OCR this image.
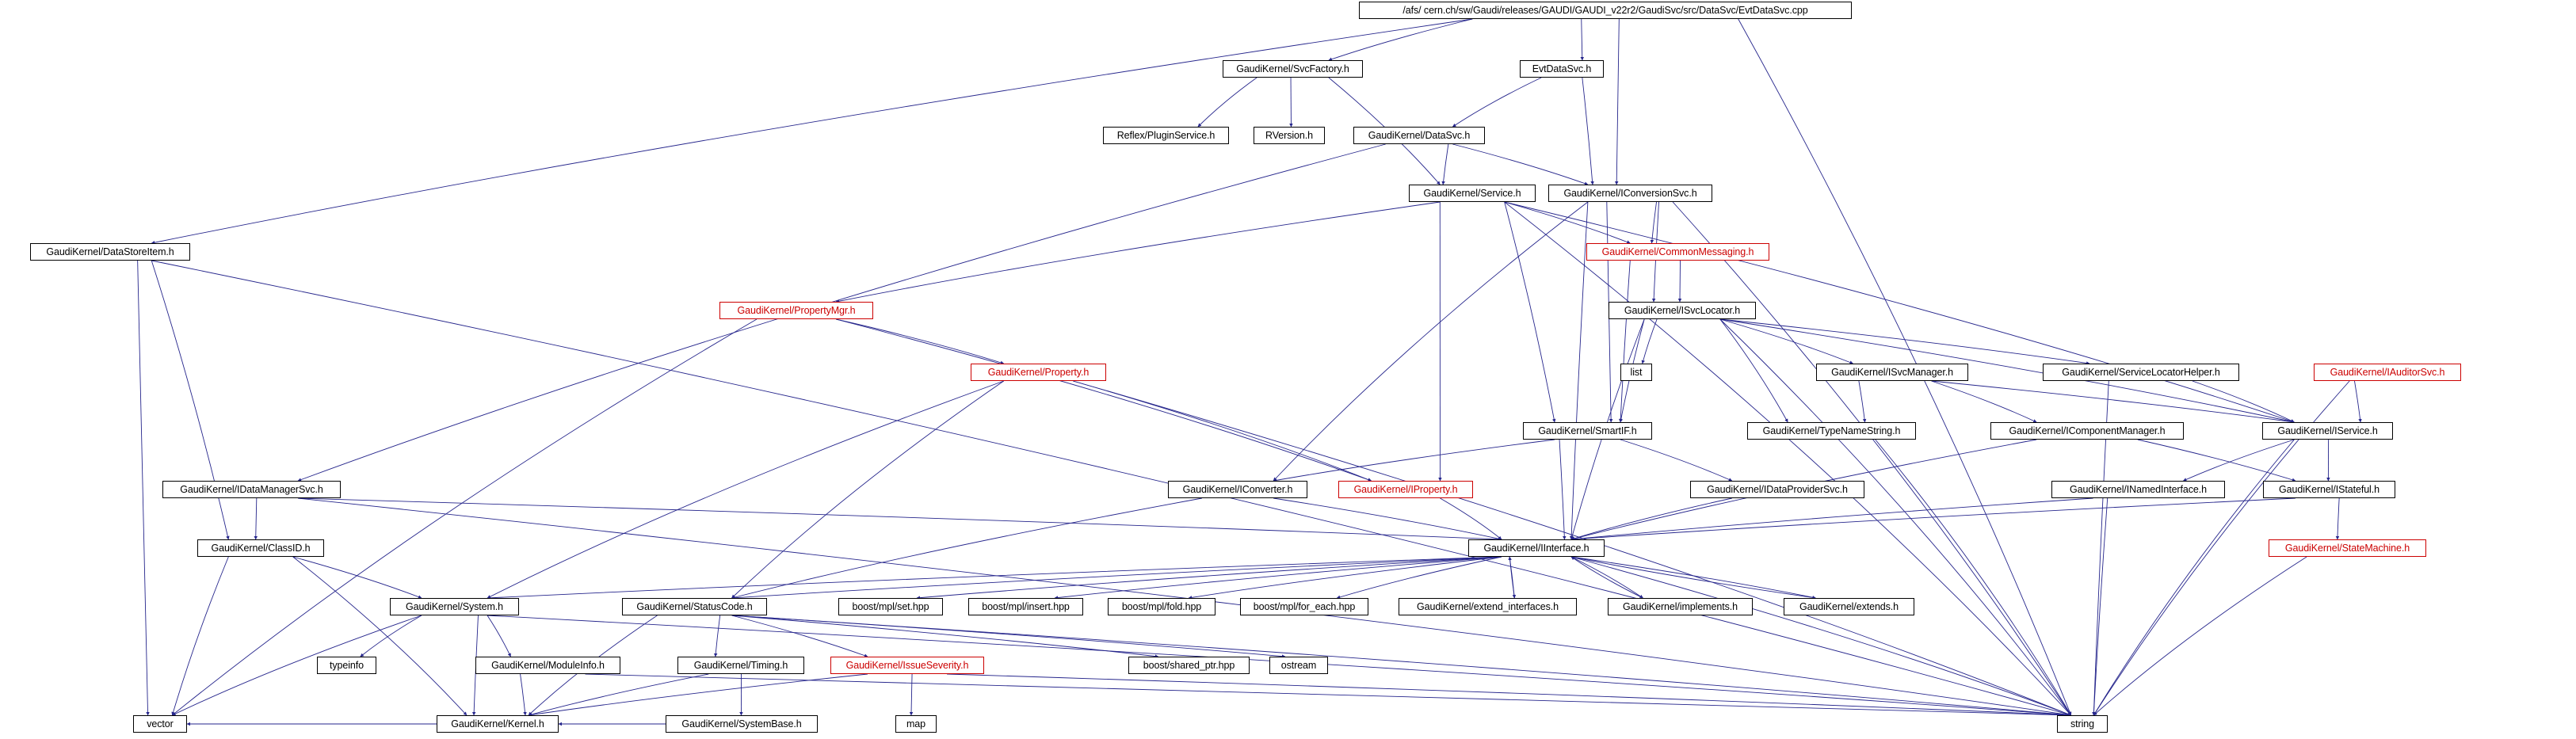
/afs/ cern.ch/sw/Gaudi/releases/GAUDI/GAUDI_v22r2/GaudiSvc/src/DataSvc/EvtDataSvc.cpp
GaudiKernel/SvcFactory.h	EvtDataSvc.h
Reflex/PluginService.h	RVersion.h	GaudiKernel/DataSvc.h
GaudiKernel/Service.h	GaudiKernel/IConversionSvc.h
GaudiKernel/DataStoreItem.h	GaudiKernel/CommonMessaging.h
GaudiKernel/PropertyMgr.h	GaudiKernel/ISvcLocator.h
GaudiKernel/Property.h	list	GaudiKernel/ISvcManager.h	GaudiKernel/ServiceLocatorHelper.h	GaudiKernel/IAuditorSvc.h
GaudiKernel/SmartIF.h	GaudiKernel/TypeNameString.h	GaudiKernel/IComponentManager.h	GaudiKernel/IService.h
GaudiKernel/IDataManagerSvc.h	GaudiKernel/IConverter.h	GaudiKernel/IProperty.h	GaudiKernel/IDataProviderSvc.h	GaudiKernel/INamedInterface.h	GaudiKernel/IStateful.h
GaudiKernel/ClassID.h	GaudiKernel/IInterface.h	GaudiKernel/StateMachine.h
GaudiKernel/System.h	GaudiKernel/StatusCode.h	boost/mpl/set.hpp	boost/mpl/insert.hpp	boost/mpl/fold.hpp	boost/mpl/for_each.hpp	GaudiKernel/extend_interfaces.h	GaudiKernel/implements.h	GaudiKernel/extends.h
typeinfo	GaudiKernel/ModuleInfo.h	GaudiKernel/Timing.h	GaudiKernel/IssueSeverity.h	boost/shared_ptr.hpp	ostream
vector	GaudiKernel/Kernel.h	GaudiKernel/SystemBase.h	map	string
